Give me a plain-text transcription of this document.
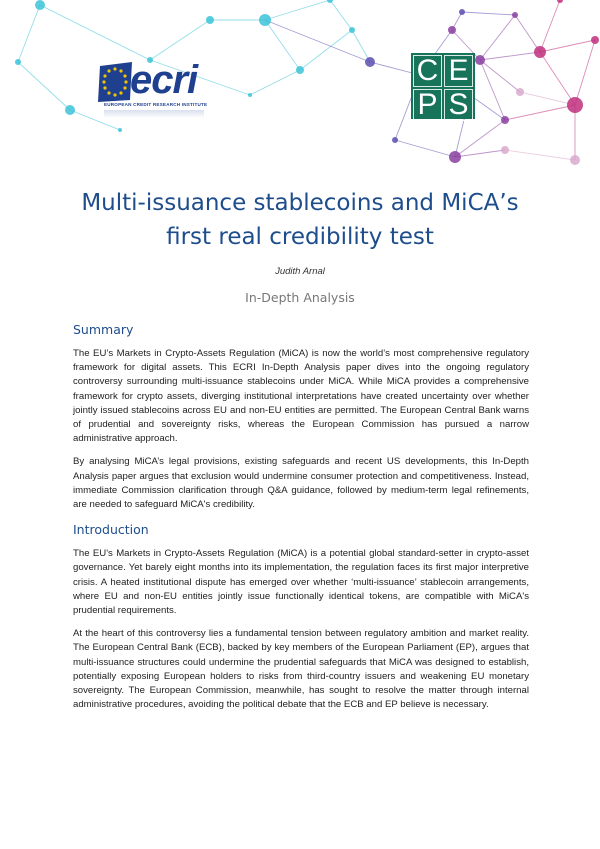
ecri
EUROPEAN CREDIT RESEARCH INSTITUTE
C E
P S
Multi-issuance stablecoins and MiCA’s
first real credibility test
Judith Arnal
In-Depth Analysis
Summary

The EU’s Markets in Crypto-Assets Regulation (MiCA) is now the world’s most comprehensive regulatory framework for digital assets. This ECRI In-Depth Analysis paper dives into the ongoing regulatory controversy surrounding multi-issuance stablecoins under MiCA. While MiCA provides a comprehensive framework for crypto assets, diverging institutional interpretations have created uncertainty over whether jointly issued stablecoins across EU and non-EU entities are permitted. The European Central Bank warns of prudential and sovereignty risks, whereas the European Commission has pursued a narrow administrative approach.

By analysing MiCA’s legal provisions, existing safeguards and recent US developments, this In-Depth Analysis paper argues that exclusion would undermine consumer protection and competitiveness. Instead, immediate Commission clarification through Q&A guidance, followed by medium-term legal refinements, are needed to safeguard MiCA's credibility.

Introduction

The EU's Markets in Crypto-Assets Regulation (MiCA) is a potential global standard-setter in crypto-asset governance. Yet barely eight months into its implementation, the regulation faces its first major interpretive crisis. A heated institutional dispute has emerged over whether ‘multi-issuance’ stablecoin arrangements, where EU and non-EU entities jointly issue functionally identical tokens, are compatible with MiCA's prudential requirements.

At the heart of this controversy lies a fundamental tension between regulatory ambition and market reality. The European Central Bank (ECB), backed by key members of the European Parliament (EP), argues that multi-issuance structures could undermine the prudential safeguards that MiCA was designed to establish, potentially exposing European holders to risks from third-country issuers and weakening EU monetary sovereignty. The European Commission, meanwhile, has sought to resolve the matter through internal administrative procedures, avoiding the political debate that the ECB and EP believe is necessary.
